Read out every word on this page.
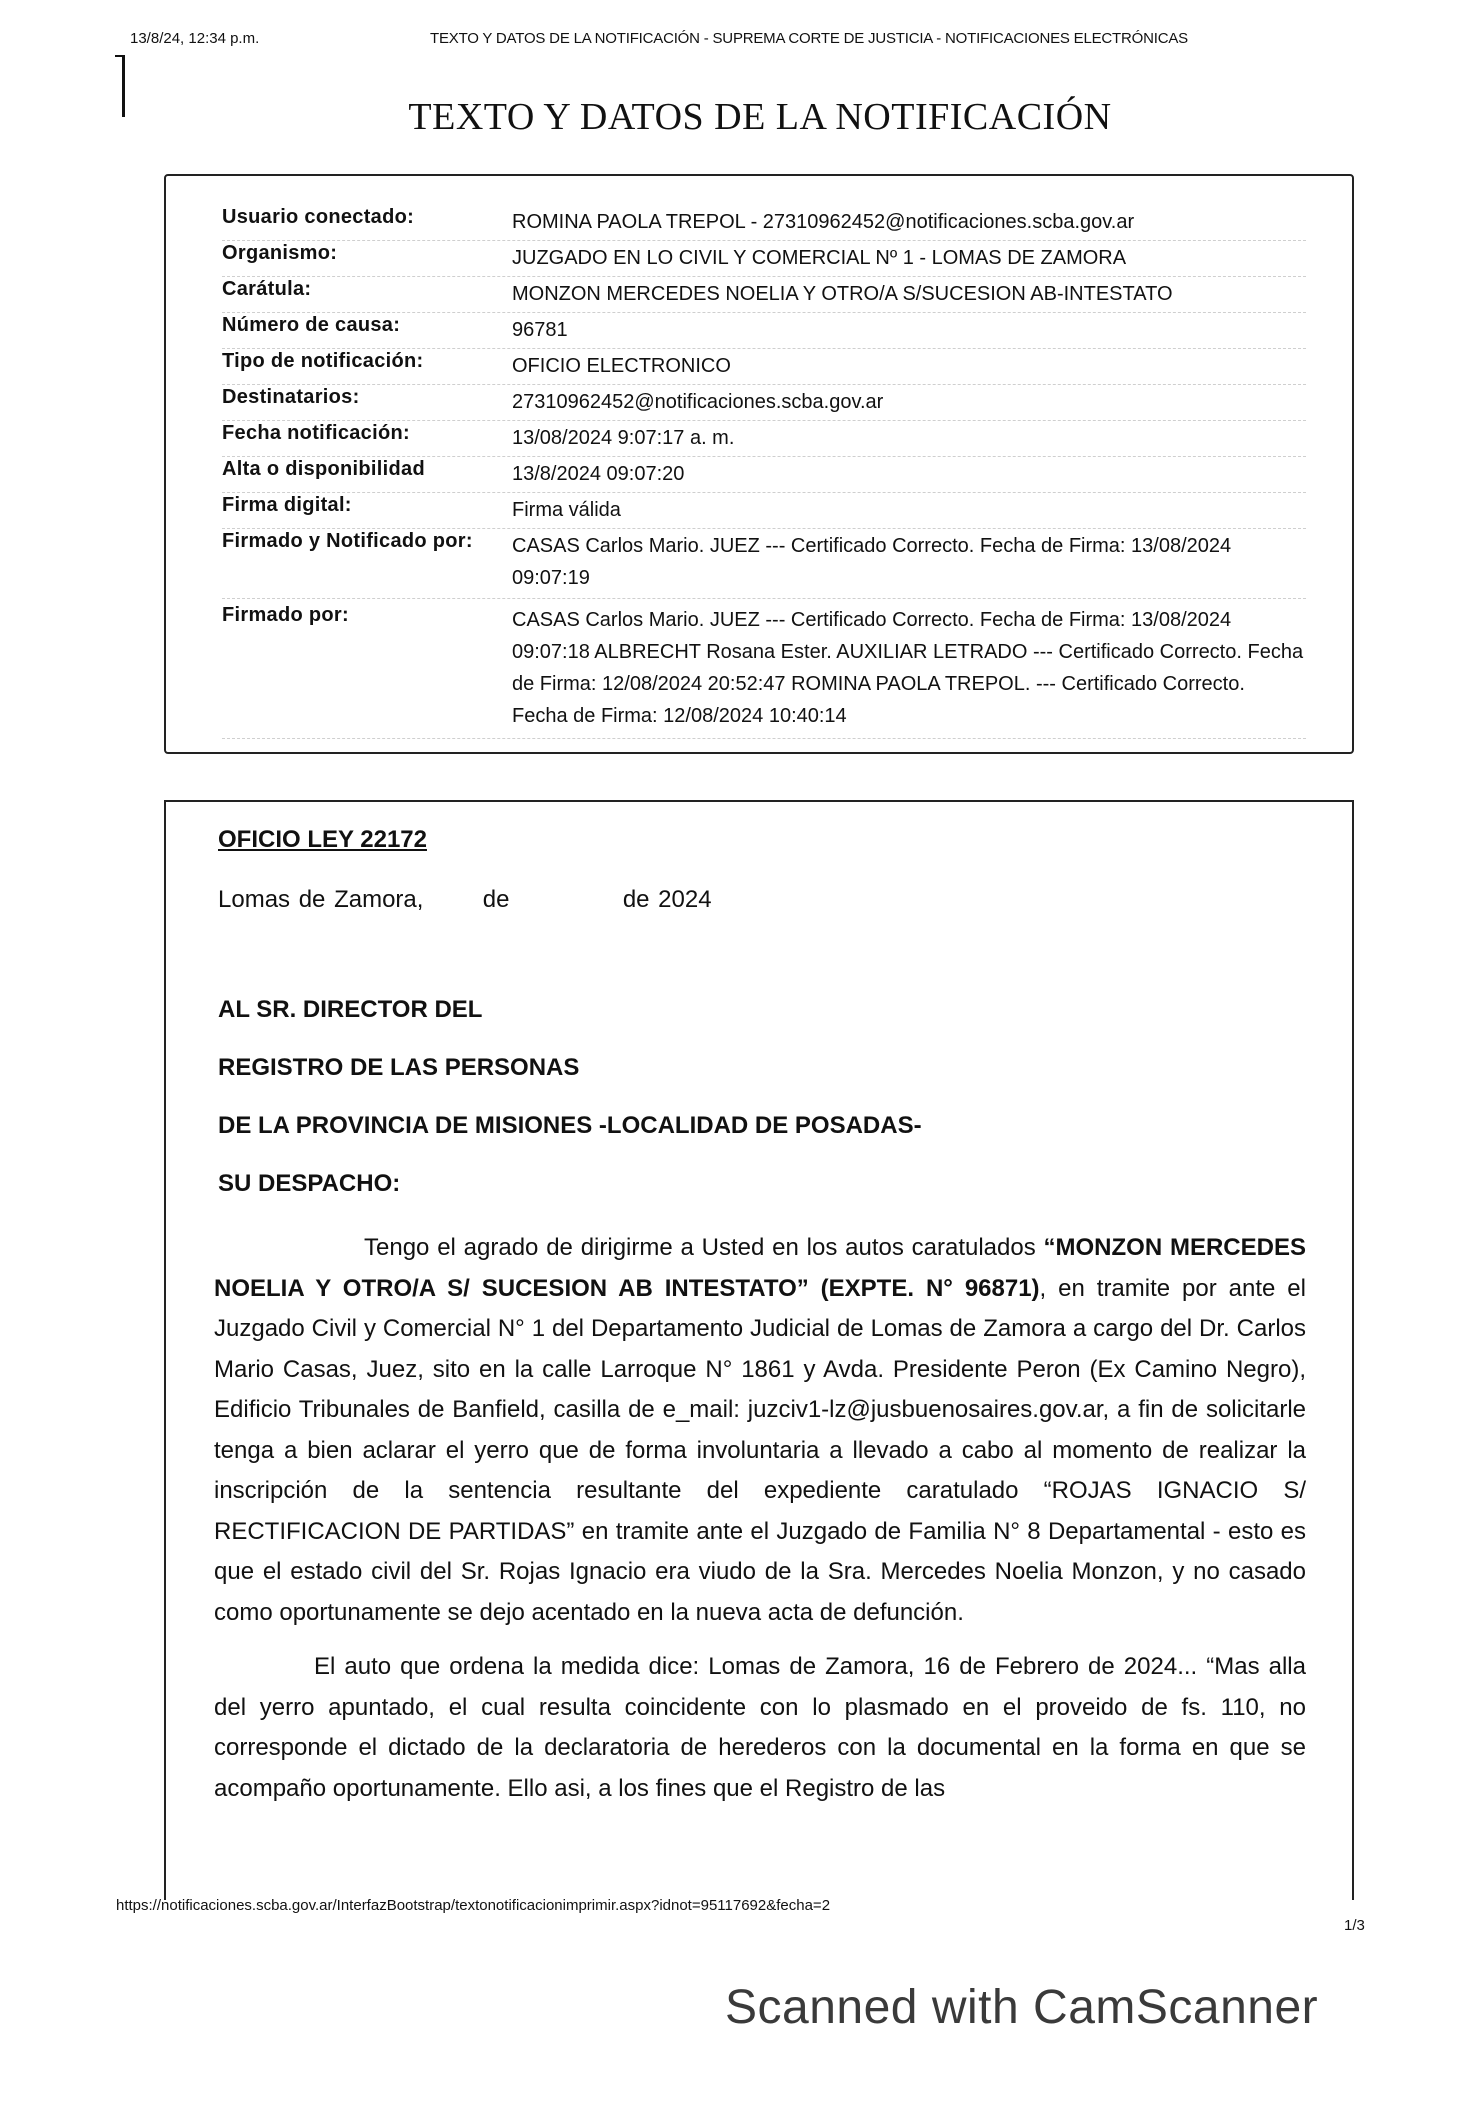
13/8/24, 12:34 p.m.	TEXTO Y DATOS DE LA NOTIFICACIÓN - SUPREMA CORTE DE JUSTICIA - NOTIFICACIONES ELECTRÓNICAS
TEXTO Y DATOS DE LA NOTIFICACIÓN
Usuario conectado:	ROMINA PAOLA TREPOL - 27310962452@notificaciones.scba.gov.ar
Organismo:	JUZGADO EN LO CIVIL Y COMERCIAL Nº 1 - LOMAS DE ZAMORA
Carátula:	MONZON MERCEDES NOELIA Y OTRO/A S/SUCESION AB-INTESTATO
Número de causa:	96781
Tipo de notificación:	OFICIO ELECTRONICO
Destinatarios:	27310962452@notificaciones.scba.gov.ar
Fecha notificación:	13/08/2024 9:07:17 a. m.
Alta o disponibilidad	13/8/2024 09:07:20
Firma digital:	Firma válida
Firmado y Notificado por: CASAS Carlos Mario. JUEZ --- Certificado Correcto. Fecha de Firma: 13/08/2024 09:07:19
Firmado por:	CASAS Carlos Mario. JUEZ --- Certificado Correcto. Fecha de Firma: 13/08/2024 09:07:18 ALBRECHT Rosana Ester. AUXILIAR LETRADO --- Certificado Correcto. Fecha de Firma: 12/08/2024 20:52:47 ROMINA PAOLA TREPOL. --- Certificado Correcto. Fecha de Firma: 12/08/2024 10:40:14
OFICIO LEY 22172
Lomas de Zamora, de	de 2024
AL SR. DIRECTOR DEL
REGISTRO DE LAS PERSONAS
DE LA PROVINCIA DE MISIONES -LOCALIDAD DE POSADAS-
SU DESPACHO:

Tengo el agrado de dirigirme a Usted en los autos caratulados “MONZON MERCEDES NOELIA Y OTRO/A S/ SUCESION AB INTESTATO” (EXPTE. N° 96871), en tramite por ante el Juzgado Civil y Comercial N° 1 del Departamento Judicial de Lomas de Zamora a cargo del Dr. Carlos Mario Casas, Juez, sito en la calle Larroque N° 1861 y Avda. Presidente Peron (Ex Camino Negro), Edificio Tribunales de Banfield, casilla de e_mail: juzciv1-lz@jusbuenosaires.gov.ar, a fin de solicitarle tenga a bien aclarar el yerro que de forma involuntaria a llevado a cabo al momento de realizar la inscripción de la sentencia resultante del expediente caratulado “ROJAS IGNACIO S/ RECTIFICACION DE PARTIDAS” en tramite ante el Juzgado de Familia N° 8 Departamental - esto es que el estado civil del Sr. Rojas Ignacio era viudo de la Sra. Mercedes Noelia Monzon, y no casado como oportunamente se dejo acentado en la nueva acta de defunción.

El auto que ordena la medida dice: Lomas de Zamora, 16 de Febrero de 2024... “Mas alla del yerro apuntado, el cual resulta coincidente con lo plasmado en el proveido de fs. 110, no corresponde el dictado de la declaratoria de herederos con la documental en la forma en que se acompaño oportunamente. Ello asi, a los fines que el Registro de las

https://notificaciones.scba.gov.ar/InterfazBootstrap/textonotificacionimprimir.aspx?idnot=95117692&fecha=2
1/3
Scanned with CamScanner
